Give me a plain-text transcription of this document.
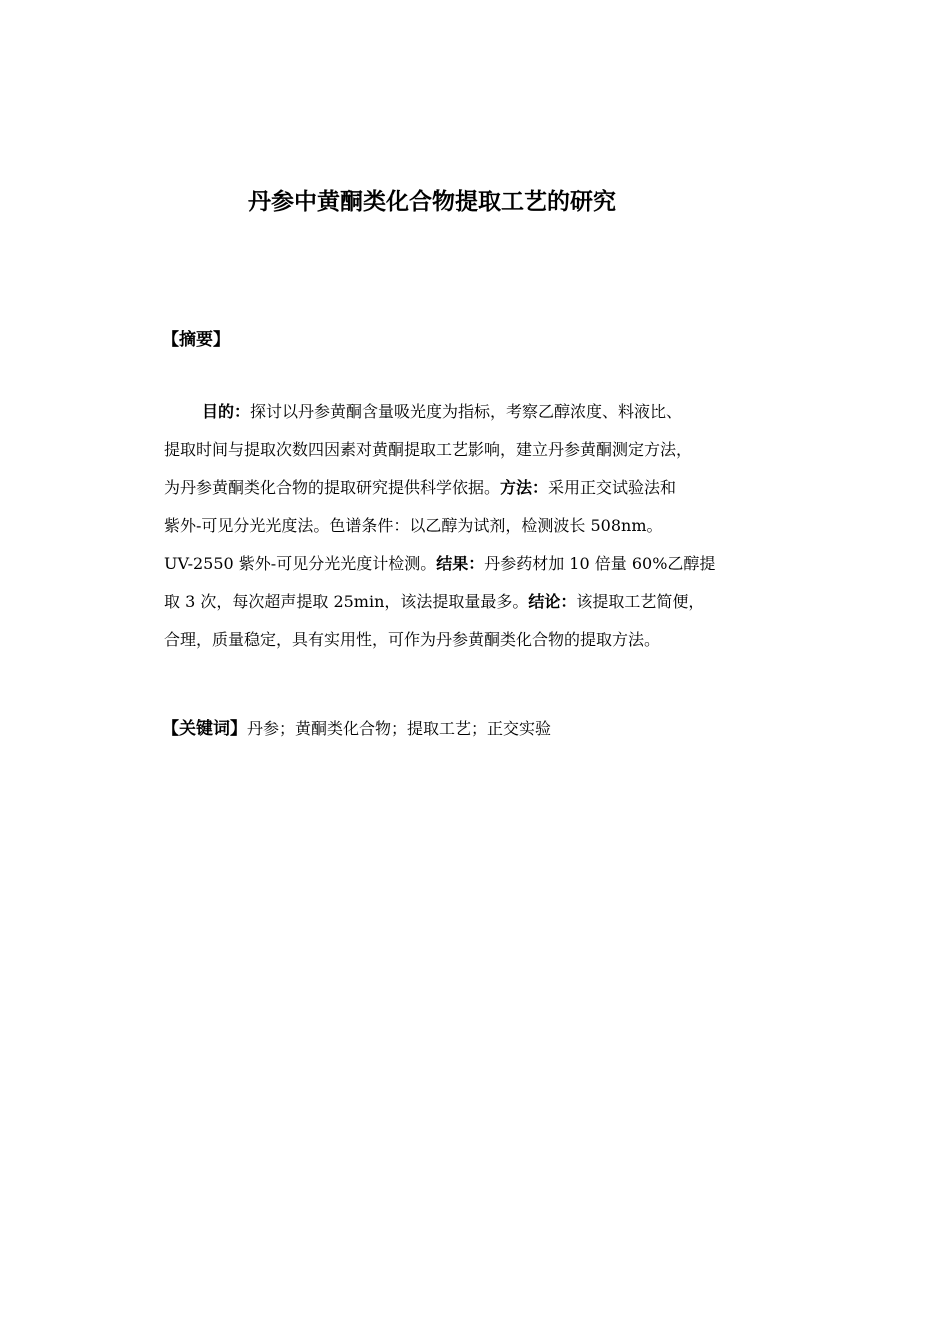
丹参中黄酮类化合物提取工艺的研究
【摘要】
目的：探讨以丹参黄酮含量吸光度为指标，考察乙醇浓度、料液比、
提取时间与提取次数四因素对黄酮提取工艺影响，建立丹参黄酮测定方法，
为丹参黄酮类化合物的提取研究提供科学依据。方法：采用正交试验法和
紫外-可见分光光度法。色谱条件：以乙醇为试剂，检测波长 508nm。
UV-2550 紫外-可见分光光度计检测。结果：丹参药材加 10 倍量 60%乙醇提
取 3 次，每次超声提取 25min，该法提取量最多。结论：该提取工艺简便，
合理，质量稳定，具有实用性，可作为丹参黄酮类化合物的提取方法。
【关键词】丹参；黄酮类化合物；提取工艺；正交实验
